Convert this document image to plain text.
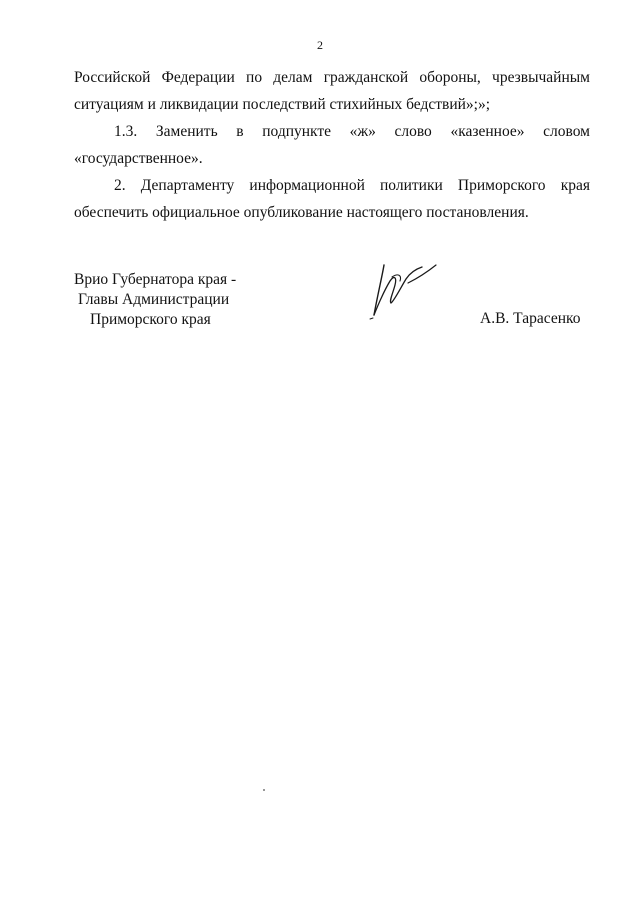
2
Российской Федерации по делам гражданской обороны, чрезвычайным
ситуациям и ликвидации последствий стихийных бедствий»;»;
1.3. Заменить в подпункте «ж» слово «казенное» словом
«государственное».
2. Департаменту информационной политики Приморского края
обеспечить официальное опубликование настоящего постановления.
Врио Губернатора края -
Главы Администрации
Приморского края	А.В. Тарасенко
